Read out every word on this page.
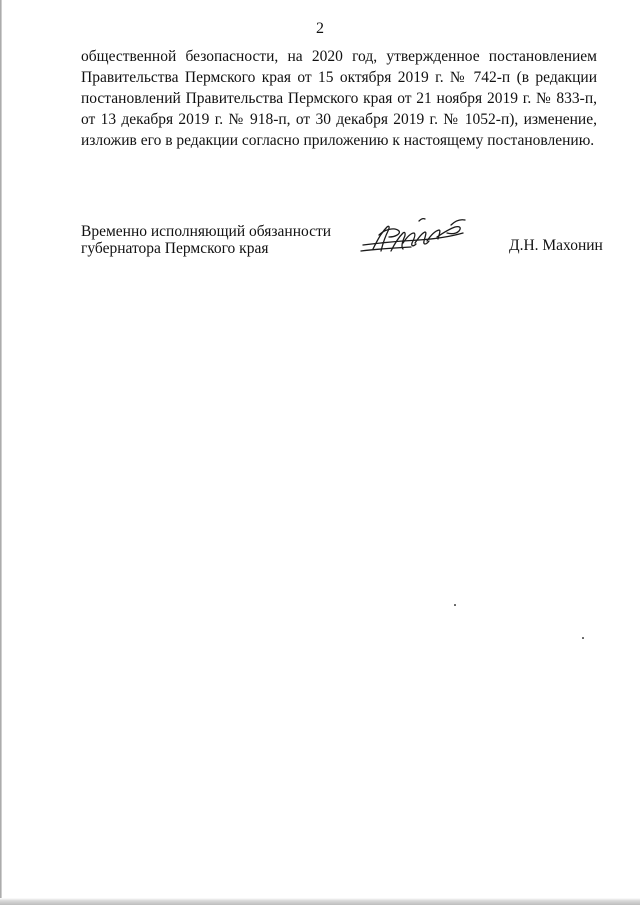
2
общественной безопасности, на 2020 год, утвержденное постановлением
Правительства Пермского края от 15 октября 2019 г. № 742-п (в редакции
постановлений Правительства Пермского края от 21 ноября 2019 г. № 833-п,
от 13 декабря 2019 г. № 918-п, от 30 декабря 2019 г. № 1052-п), изменение,
изложив его в редакции согласно приложению к настоящему постановлению.
Временно исполняющий обязанности
губернатора Пермского края	Д.Н. Махонин
